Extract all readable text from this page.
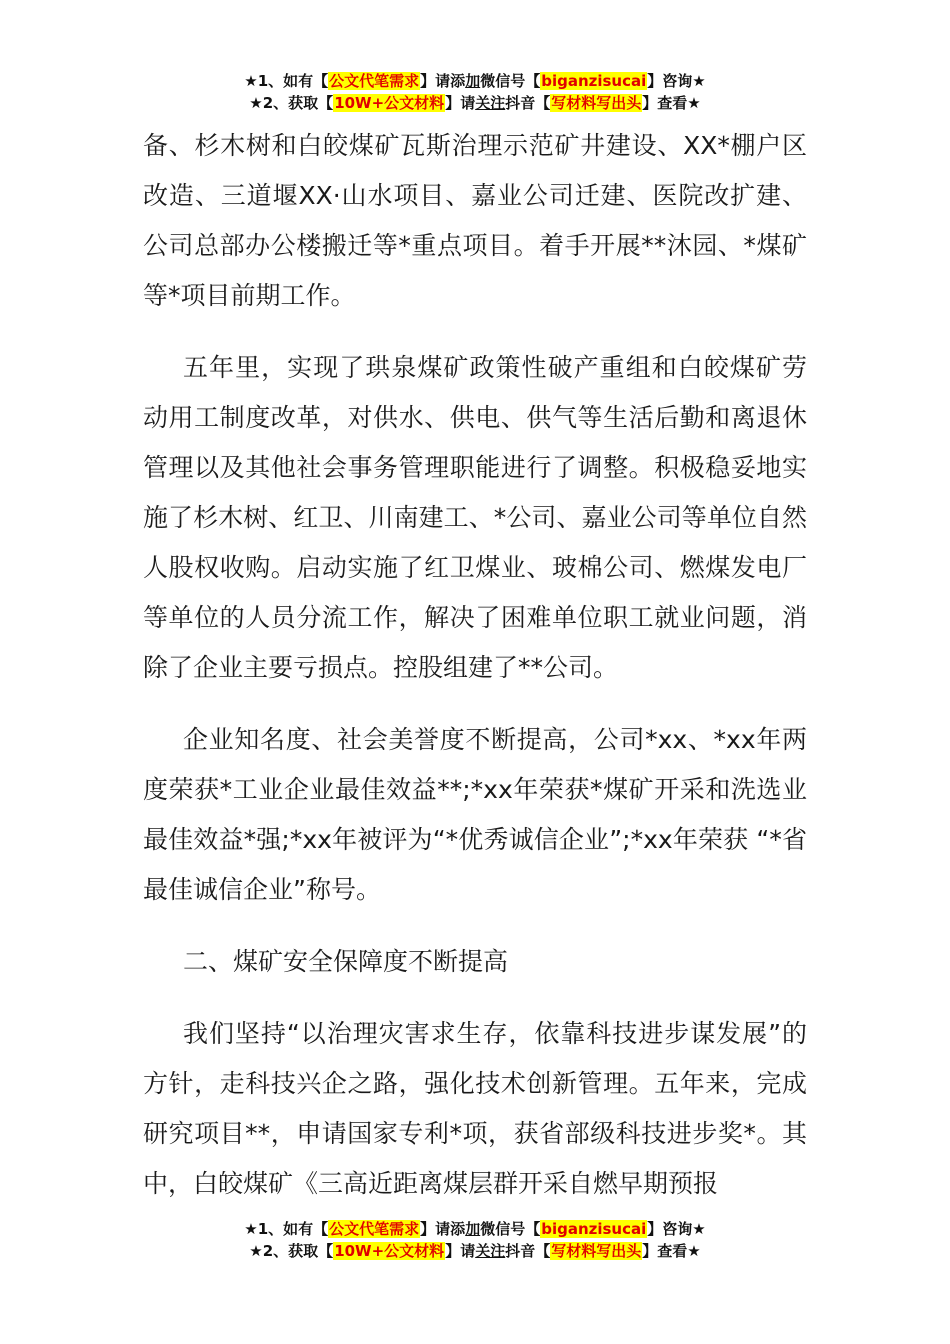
★1、如有【公文代笔需求】请添加微信号【biganzisucai】咨询★
★2、获取【10W+公文材料】请关注抖音【写材料写出头】查看★

备、杉木树和白皎煤矿瓦斯治理示范矿井建设、XX*棚户区改造、三道堰XX·山水项目、嘉业公司迁建、医院改扩建、公司总部办公楼搬迁等*重点项目。着手开展**沐园、*煤矿等*项目前期工作。

五年里，实现了珙泉煤矿政策性破产重组和白皎煤矿劳动用工制度改革，对供水、供电、供气等生活后勤和离退休管理以及其他社会事务管理职能进行了调整。积极稳妥地实施了杉木树、红卫、川南建工、*公司、嘉业公司等单位自然人股权收购。启动实施了红卫煤业、玻棉公司、燃煤发电厂等单位的人员分流工作，解决了困难单位职工就业问题，消除了企业主要亏损点。控股组建了**公司。

企业知名度、社会美誉度不断提高，公司*xx、*xx年两度荣获*工业企业最佳效益**;*xx年荣获*煤矿开采和洗选业最佳效益*强;*xx年被评为“*优秀诚信企业”;*xx年荣获 “*省最佳诚信企业”称号。

二、煤矿安全保障度不断提高

我们坚持“以治理灾害求生存，依靠科技进步谋发展”的方针，走科技兴企之路，强化技术创新管理。五年来，完成研究项目**，申请国家专利*项，获省部级科技进步奖*。其中，白皎煤矿《三高近距离煤层群开采自燃早期预报

★1、如有【公文代笔需求】请添加微信号【biganzisucai】咨询★
★2、获取【10W+公文材料】请关注抖音【写材料写出头】查看★
